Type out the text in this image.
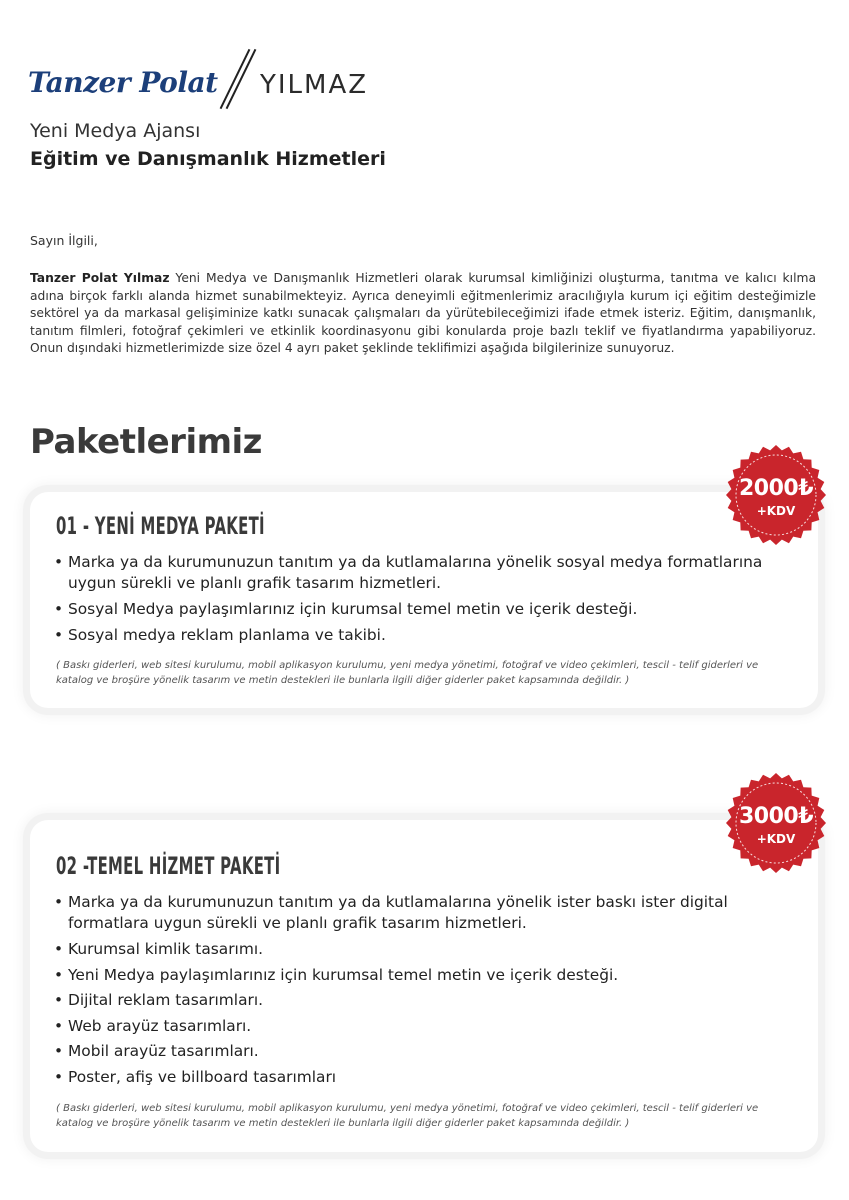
Tanzer Polat YILMAZ
Yeni Medya Ajansı
Eğitim ve Danışmanlık Hizmetleri
Sayın İlgili,
Tanzer Polat Yılmaz Yeni Medya ve Danışmanlık Hizmetleri olarak kurumsal kimliğinizi oluşturma, tanıtma ve kalıcı kılma adına birçok farklı alanda hizmet sunabilmekteyiz. Ayrıca deneyimli eğitmenlerimiz aracılığıyla kurum içi eğitim desteğimizle sektörel ya da markasal gelişiminize katkı sunacak çalışmaları da yürütebileceğimizi ifade etmek isteriz. Eğitim, danışmanlık, tanıtım filmleri, fotoğraf çekimleri ve etkinlik koordinasyonu gibi konularda proje bazlı teklif ve fiyatlandırma yapabiliyoruz. Onun dışındaki hizmetlerimizde size özel 4 ayrı paket şeklinde teklifimizi aşağıda bilgilerinize sunuyoruz.
Paketlerimiz
01 - YENİ MEDYA PAKETİ
• Marka ya da kurumunuzun tanıtım ya da kutlamalarına yönelik sosyal medya formatlarına uygun sürekli ve planlı grafik tasarım hizmetleri.
• Sosyal Medya paylaşımlarınız için kurumsal temel metin ve içerik desteği.
• Sosyal medya reklam planlama ve takibi.
( Baskı giderleri, web sitesi kurulumu, mobil aplikasyon kurulumu, yeni medya yönetimi, fotoğraf ve video çekimleri, tescil - telif giderleri ve katalog ve broşüre yönelik tasarım ve metin destekleri ile bunlarla ilgili diğer giderler paket kapsamında değildir. )
2000₺
+KDV
02 -TEMEL HİZMET PAKETİ
• Marka ya da kurumunuzun tanıtım ya da kutlamalarına yönelik ister baskı ister digital formatlara uygun sürekli ve planlı grafik tasarım hizmetleri.
• Kurumsal kimlik tasarımı.
• Yeni Medya paylaşımlarınız için kurumsal temel metin ve içerik desteği.
• Dijital reklam tasarımları.
• Web arayüz tasarımları.
• Mobil arayüz tasarımları.
• Poster, afiş ve billboard tasarımları
( Baskı giderleri, web sitesi kurulumu, mobil aplikasyon kurulumu, yeni medya yönetimi, fotoğraf ve video çekimleri, tescil - telif giderleri ve katalog ve broşüre yönelik tasarım ve metin destekleri ile bunlarla ilgili diğer giderler paket kapsamında değildir. )
3000₺
+KDV
